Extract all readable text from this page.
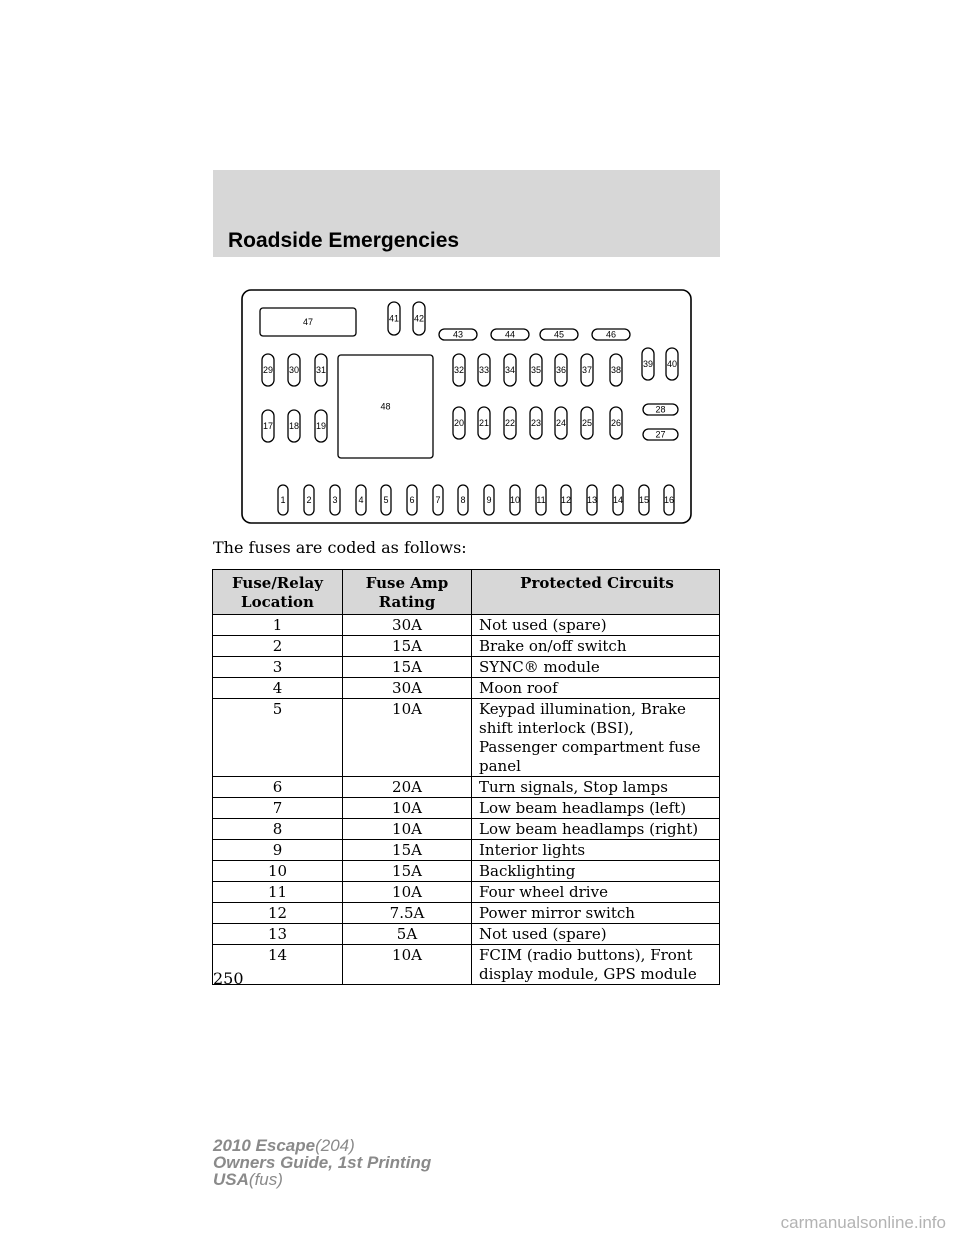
Roadside Emergencies
1 2 3 4 5 6 7 8 9 10 11 12 13 14 15 16
17 18 19	20 21 22 23 24 25 26
27
28
29 30 31	32 33 34 35 36 37 38
39 40
41 42
43	44	45	46
47
48
The fuses are coded as follows:
Fuse/Relay Location	Fuse Amp Rating	Protected Circuits
1	30A	Not used (spare)
2	15A	Brake on/off switch
3	15A	SYNC® module
4	30A	Moon roof
5	10A	Keypad illumination, Brake shift interlock (BSI), Passenger compartment fuse panel
6	20A	Turn signals, Stop lamps
7	10A	Low beam headlamps (left)
8	10A	Low beam headlamps (right)
9	15A	Interior lights
10	15A	Backlighting
11	10A	Four wheel drive
12	7.5A	Power mirror switch
13	5A	Not used (spare)
14	10A	FCIM (radio buttons), Front display module, GPS module
250
2010 Escape(204)
Owners Guide, 1st Printing
USA(fus)
carmanualsonline.info
